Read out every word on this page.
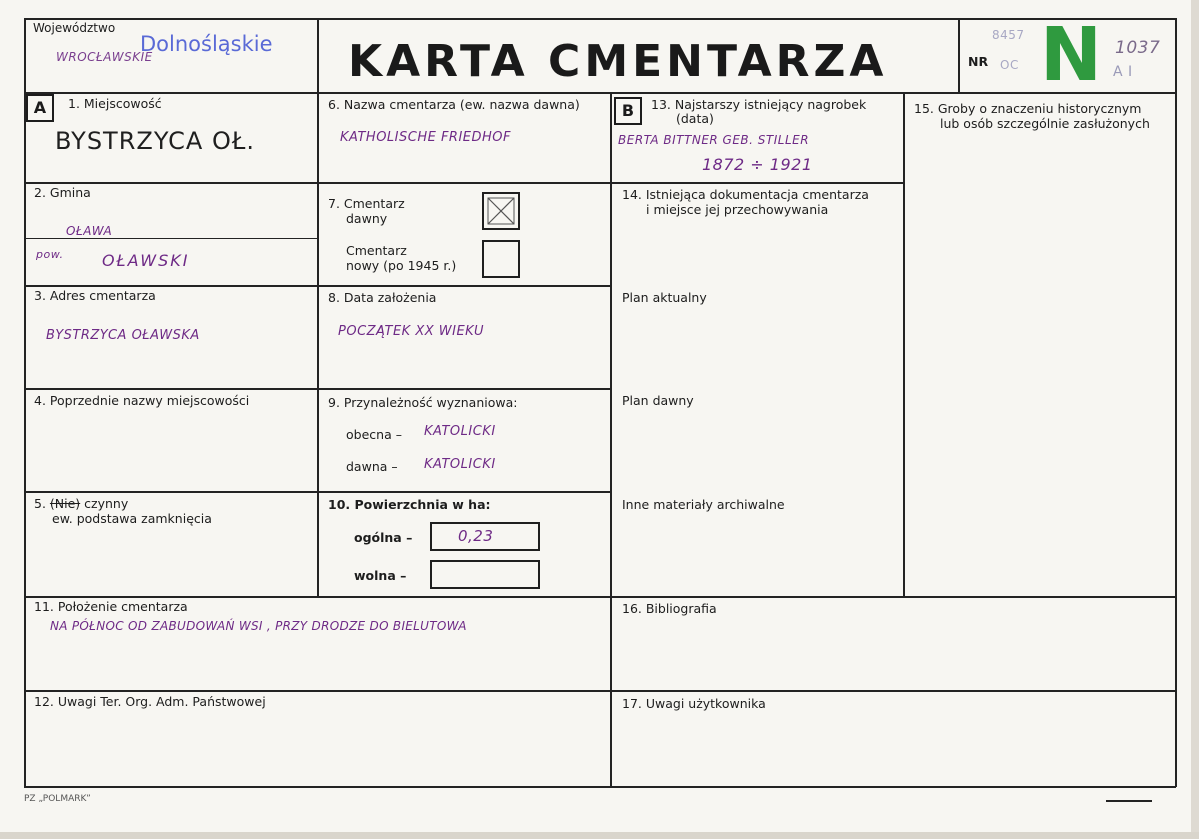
Województwo
WROCŁAWSKIE
Dolnośląskie KARTA CMENTARZA	NR
8457
OC N 1037
A I
A	1. Miejscowość
BYSTRZYCA OŁ.
2. Gmina
OŁAWA
pow. OŁAWSKI
3. Adres cmentarza
BYSTRZYCA OŁAWSKA
4. Poprzednie nazwy miejscowości
5. (Nie) czynny
ew. podstawa zamknięcia
6. Nazwa cmentarza (ew. nazwa dawna)
KATHOLISCHE FRIEDHOF
7. Cmentarz
dawny
Cmentarz
nowy (po 1945 r.)
8. Data założenia
POCZĄTEK XX WIEKU
9. Przynależność wyznaniowa:
obecna – KATOLICKI
dawna – KATOLICKI
10. Powierzchnia w ha:
ogólna –	0,23
wolna –
B	13. Najstarszy istniejący nagrobek
(data)
BERTA BITTNER GEB. STILLER
1872 ÷ 1921
14. Istniejąca dokumentacja cmentarza
i miejsce jej przechowywania
Plan aktualny
Plan dawny
Inne materiały archiwalne
15. Groby o znaczeniu historycznym
lub osób szczególnie zasłużonych
11. Położenie cmentarza
NA PÓŁNOC OD ZABUDOWAŃ WSI , PRZY DRODZE DO BIELUTOWA
12. Uwagi Ter. Org. Adm. Państwowej
16. Bibliografia
17. Uwagi użytkownika
PZ „POLMARK”
